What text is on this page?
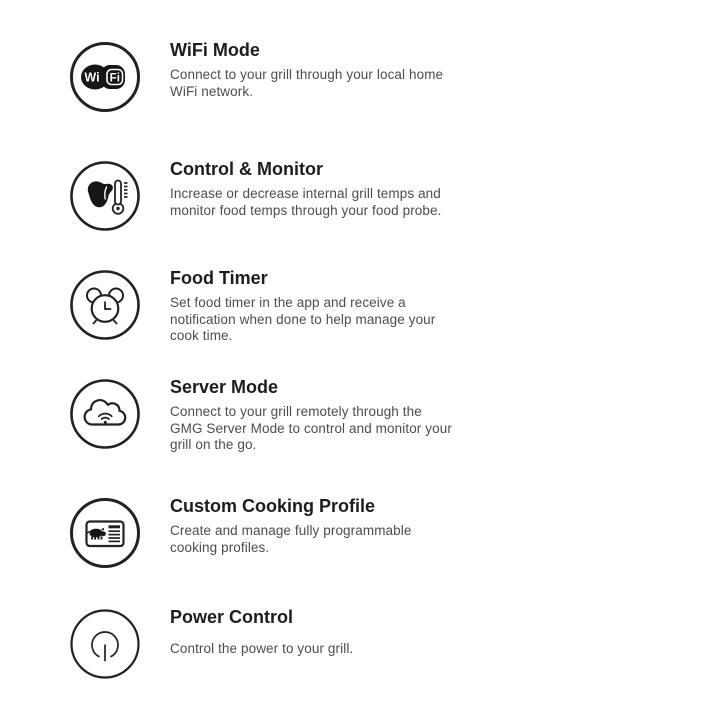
Wi Fi
WiFi Mode

Connect to your grill through your local home WiFi network.

Control & Monitor

Increase or decrease internal grill temps and monitor food temps through your food probe.

Food Timer

Set food timer in the app and receive a notification when done to help manage your cook time.

Server Mode

Connect to your grill remotely through the GMG Server Mode to control and monitor your grill on the go.

Custom Cooking Profile

Create and manage fully programmable cooking profiles.

Power Control

Control the power to your grill.
